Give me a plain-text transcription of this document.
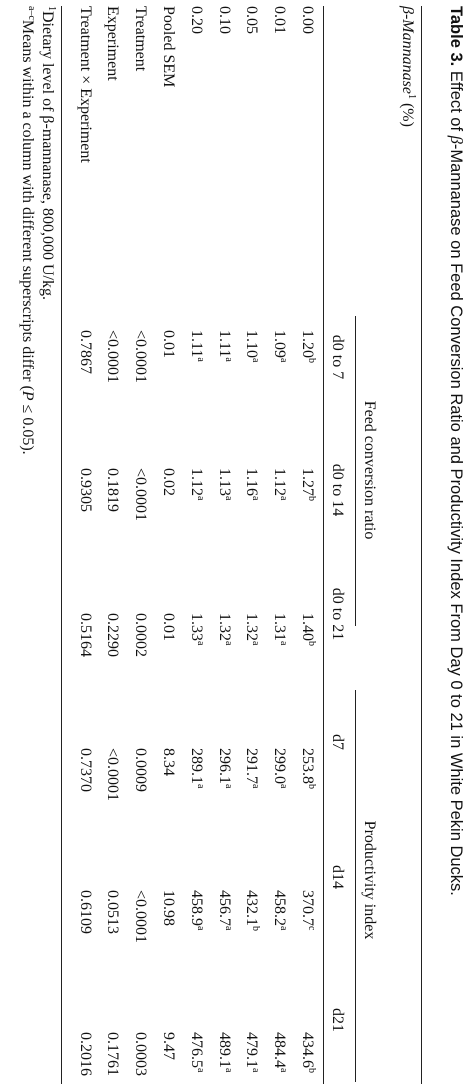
Table 3. Effect of β-Mannanase on Feed Conversion Ratio and Productivity Index From Day 0 to 21 in White Pekin Ducks.
β-Mannanase$^1$ (%)
Feed conversion ratio
Productivity index
d0 to 7
d0 to 14
d0 to 21
d7
d14
d21
0.00
1.20$^b$
1.27$^b$
1.40$^b$
253.8$^b$
370.7$^c$
434.6$^b$
0.01
1.09$^a$
1.12$^a$
1.31$^a$
299.0$^a$
458.2$^a$
484.4$^a$
0.05
1.10$^a$
1.16$^a$
1.32$^a$
291.7$^a$
432.1$^b$
479.1$^a$
0.10
1.11$^a$
1.13$^a$
1.32$^a$
296.1$^a$
456.7$^a$
489.1$^a$
0.20
1.11$^a$
1.12$^a$
1.33$^a$
289.1$^a$
458.9$^a$
476.5$^a$
Pooled SEM
0.01
0.02
0.01
8.34
10.98
9.47
Treatment
<0.0001
<0.0001
0.0002
0.0009
<0.0001
0.0003
Experiment
<0.0001
0.1819
0.2290
<0.0001
0.0513
0.1761
Treatment × Experiment
0.7867
0.9305
0.5164
0.7370
0.6109
0.2016
$^1$Dietary level of β-mannanase, 800,000 U/kg.
$^{a-c}$Means within a column with different superscripts differ (P ≤ 0.05).
